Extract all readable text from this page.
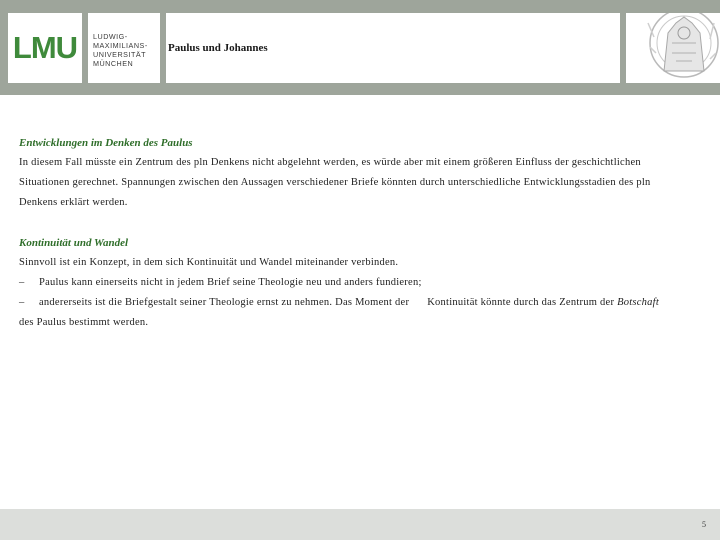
LMU LUDWIG-
MAXIMILIANS-
UNIVERSITÄT
MÜNCHEN
Paulus und Johannes
Entwicklungen im Denken des Paulus
In diesem Fall müsste ein Zentrum des pln Denkens nicht abgelehnt werden, es würde aber mit einem größeren Einfluss der geschichtlichen
Situationen gerechnet. Spannungen zwischen den Aussagen verschiedener Briefe könnten durch unterschiedliche Entwicklungsstadien des pln
Denkens erklärt werden.
Kontinuität und Wandel
Sinnvoll ist ein Konzept, in dem sich Kontinuität und Wandel miteinander verbinden.
– Paulus kann einerseits nicht in jedem Brief seine Theologie neu und anders fundieren;
– andererseits ist die Briefgestalt seiner Theologie ernst zu nehmen. Das Moment der Kontinuität könnte durch das Zentrum der Botschaft
des Paulus bestimmt werden.
5
